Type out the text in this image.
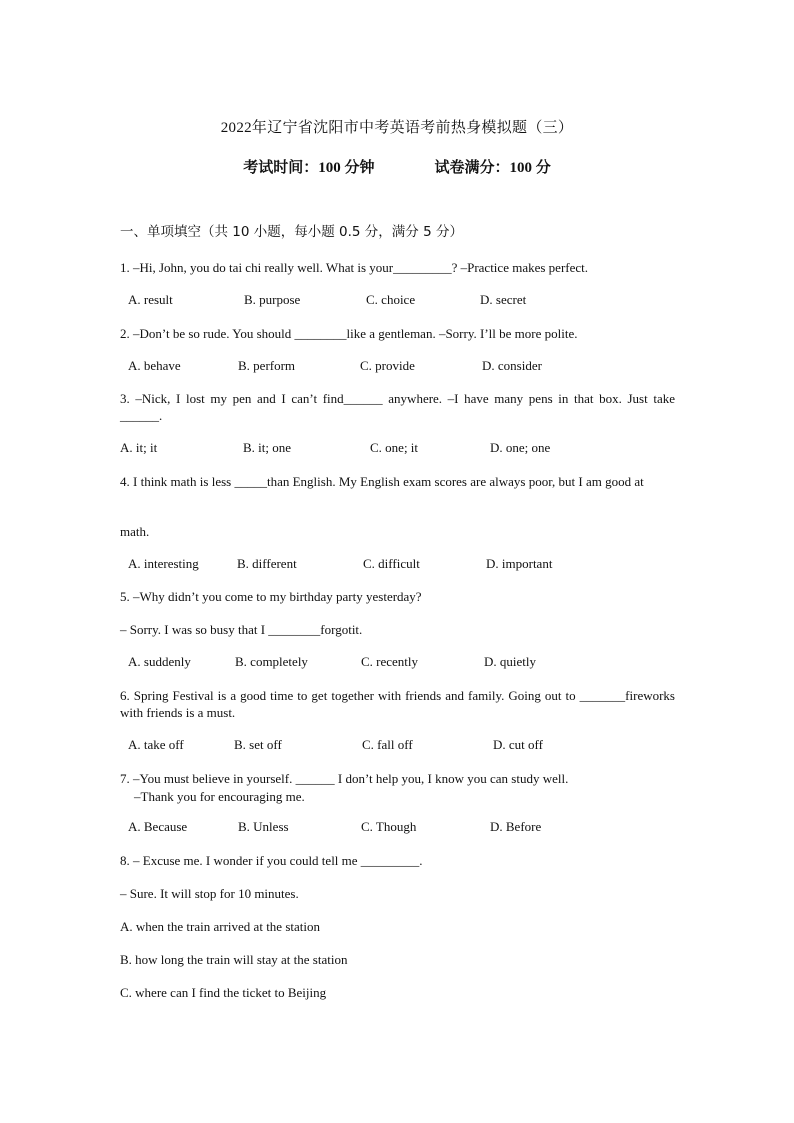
2022年辽宁省沈阳市中考英语考前热身模拟题（三）
考试时间：100 分钟	试卷满分：100 分
一、单项填空（共 10 小题，每小题 0.5 分，满分 5 分）
1. –Hi, John, you do tai chi really well. What is your_________? –Practice makes perfect.
A. result	B. purpose	C. choice	D. secret
2. –Don’t be so rude. You should ________like a gentleman. –Sorry. I’ll be more polite.
A. behave	B. perform	C. provide	D. consider
3. –Nick, I lost my pen and I can’t find______ anywhere. –I have many pens in that box. Just take ______.
A. it; it	B. it; one	C. one; it	D. one; one
4. I think math is less _____than English. My English exam scores are always poor, but I am good at
math.
A. interesting	B. different	C. difficult	D. important
5. –Why didn’t you come to my birthday party yesterday?
– Sorry. I was so busy that I ________forgotit.
A. suddenly	B. completely	C. recently	D. quietly
6. Spring Festival is a good time to get together with friends and family. Going out to _______fireworks with friends is a must.
A. take off	B. set off	C. fall off	D. cut off
7. –You must believe in yourself. ______ I don’t help you, I know you can study well.
–Thank you for encouraging me.
A. Because	B. Unless	C. Though	D. Before
8. – Excuse me. I wonder if you could tell me _________.
– Sure. It will stop for 10 minutes.
A. when the train arrived at the station
B. how long the train will stay at the station
C. where can I find the ticket to Beijing
